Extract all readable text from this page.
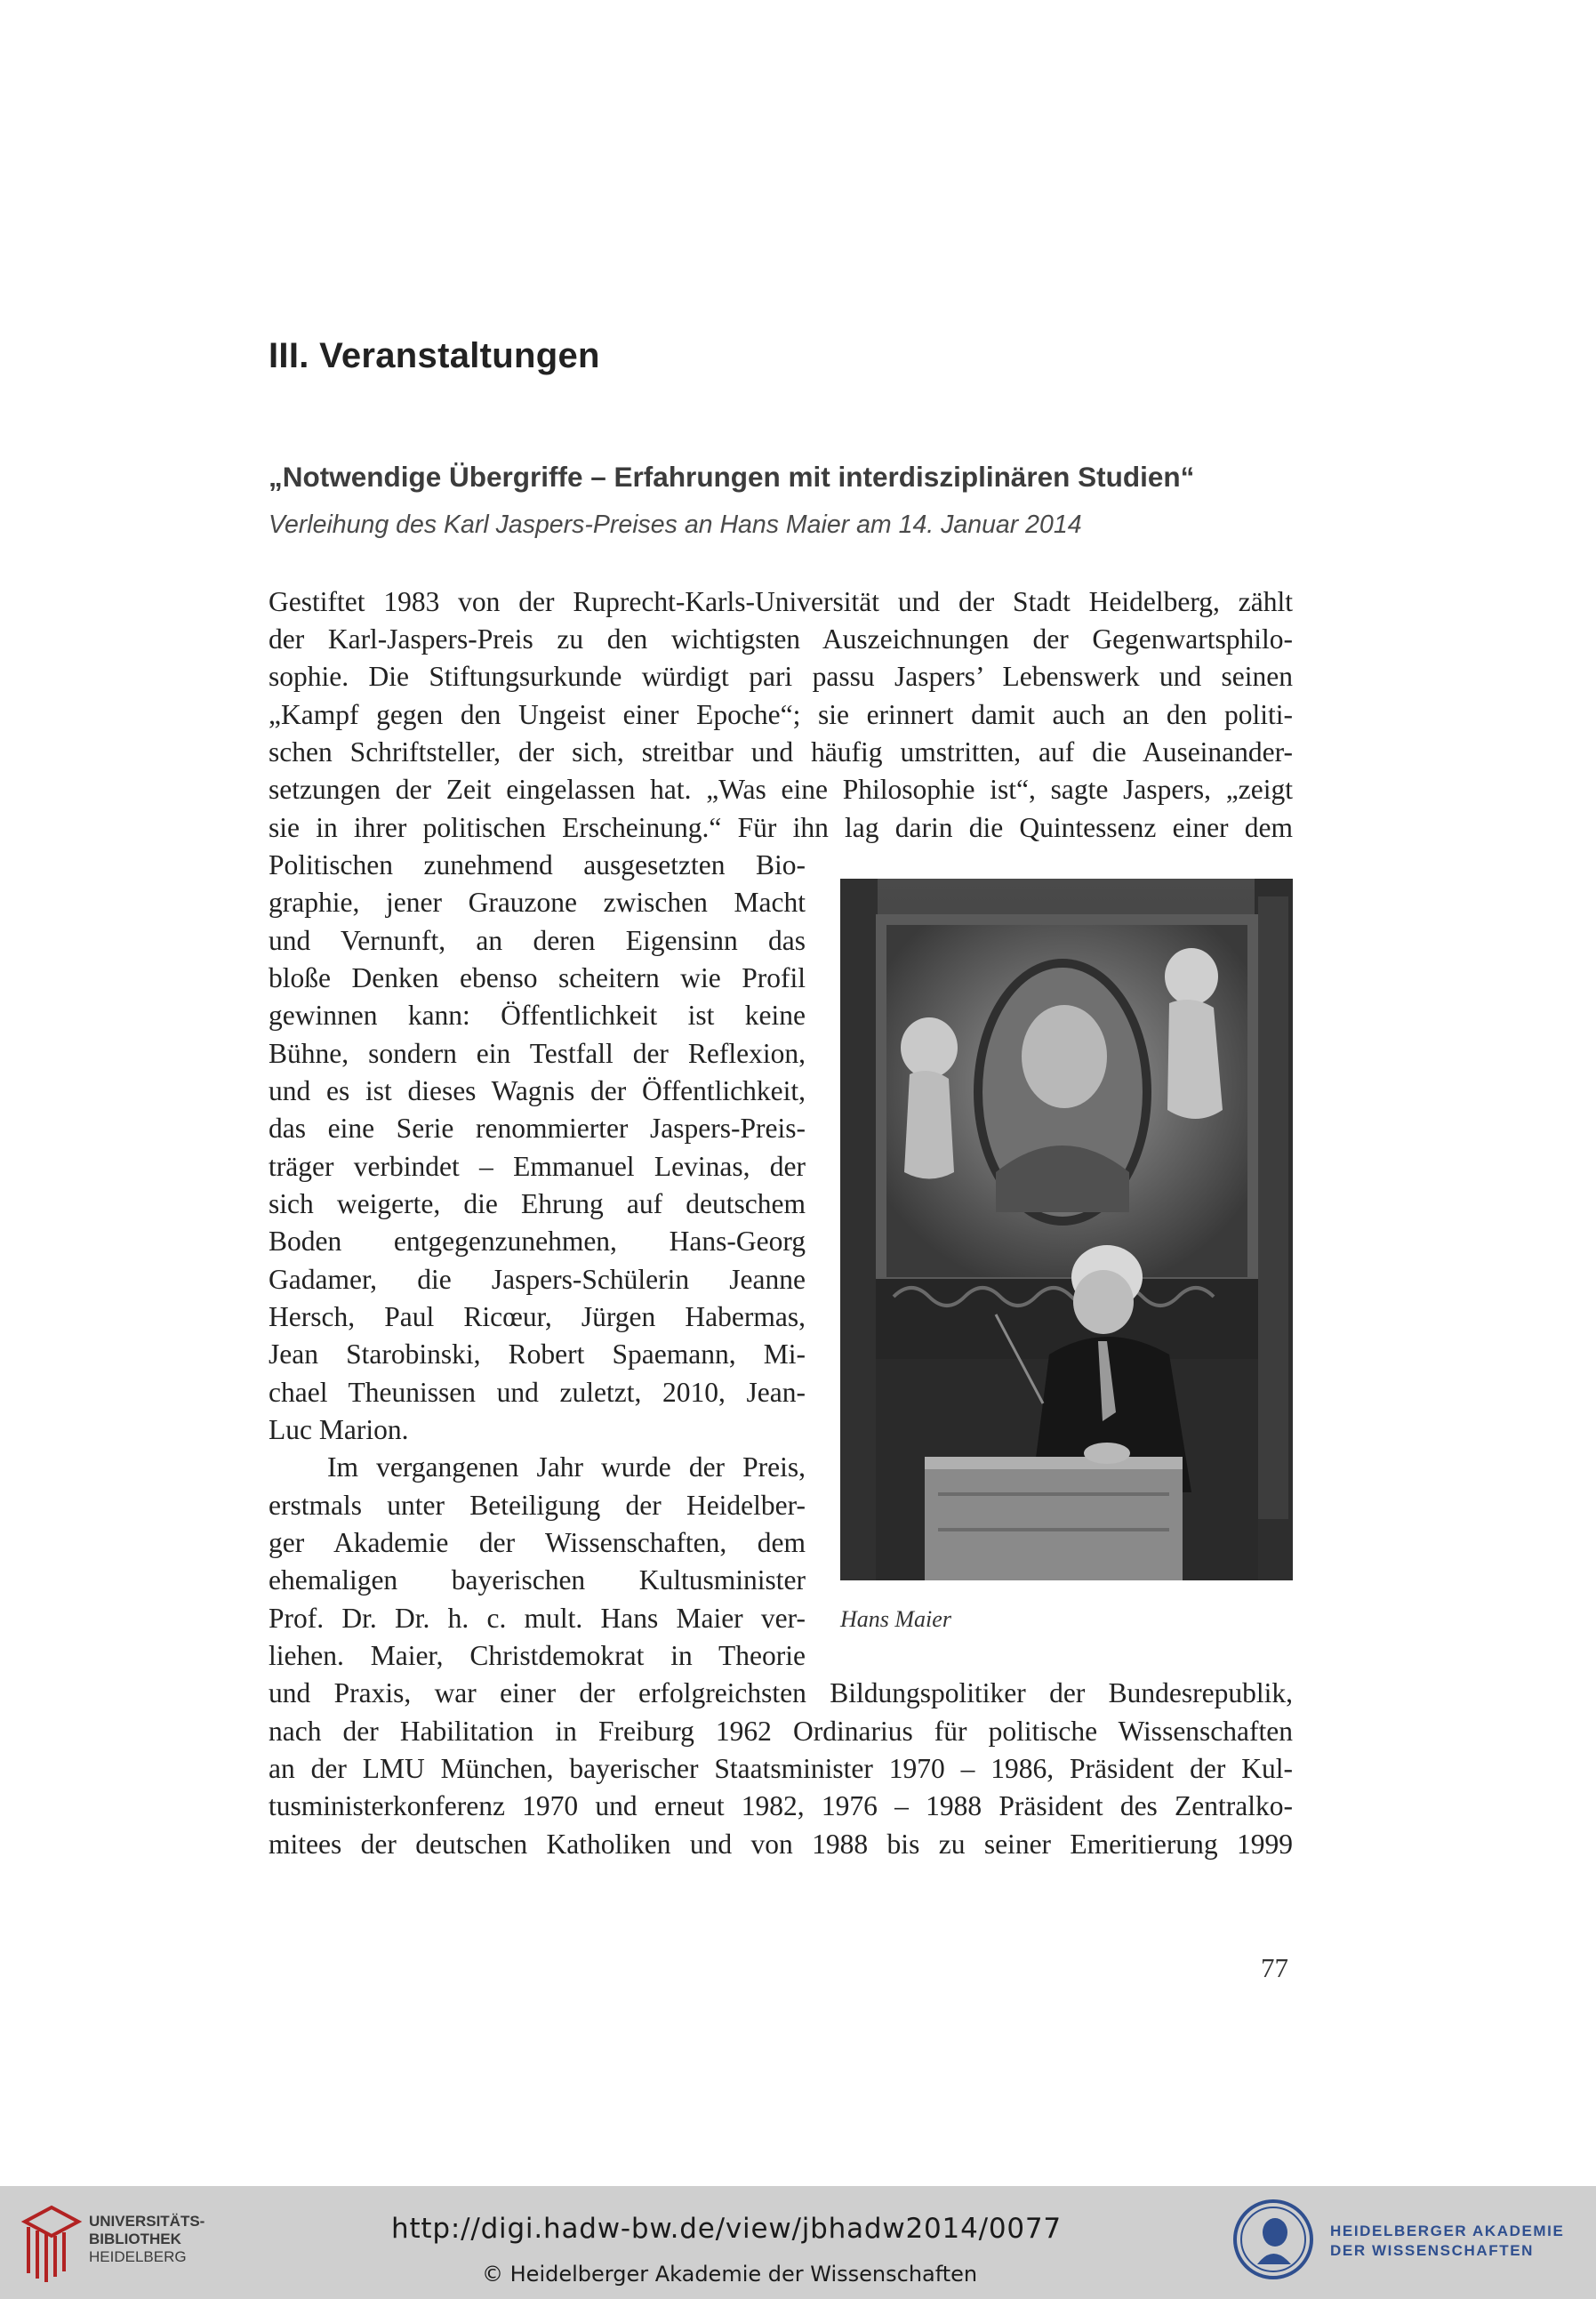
III. Veranstaltungen
„Notwendige Übergriffe – Erfahrungen mit interdisziplinären Studien“

Verleihung des Karl Jaspers-Preises an Hans Maier am 14. Januar 2014

Gestiftet 1983 von der Ruprecht-Karls-Universität und der Stadt Heidelberg, zählt
der Karl-Jaspers-Preis zu den wichtigsten Auszeichnungen der Gegenwartsphilo-
sophie. Die Stiftungsurkunde würdigt pari passu Jaspers’ Lebenswerk und seinen
„Kampf gegen den Ungeist einer Epoche“; sie erinnert damit auch an den politi-
schen Schriftsteller, der sich, streitbar und häufig umstritten, auf die Auseinander-
setzungen der Zeit eingelassen hat. „Was eine Philosophie ist“, sagte Jaspers, „zeigt
sie in ihrer politischen Erscheinung.“ Für ihn lag darin die Quintessenz einer dem
Politischen zunehmend ausgesetzten Bio-
graphie, jener Grauzone zwischen Macht
und Vernunft, an deren Eigensinn das
bloße Denken ebenso scheitern wie Profil
gewinnen kann: Öffentlichkeit ist keine
Bühne, sondern ein Testfall der Reflexion,
und es ist dieses Wagnis der Öffentlichkeit,
das eine Serie renommierter Jaspers-Preis-
träger verbindet – Emmanuel Levinas, der
sich weigerte, die Ehrung auf deutschem
Boden entgegenzunehmen, Hans-Georg
Gadamer, die Jaspers-Schülerin Jeanne
Hersch, Paul Ricœur, Jürgen Habermas,
Jean Starobinski, Robert Spaemann, Mi-
chael Theunissen und zuletzt, 2010, Jean-
Luc Marion.
Im vergangenen Jahr wurde der Preis,
erstmals unter Beteiligung der Heidelber-
ger Akademie der Wissenschaften, dem
ehemaligen bayerischen Kultusminister
Prof. Dr. Dr. h. c. mult. Hans Maier ver-
liehen. Maier, Christdemokrat in Theorie
und Praxis, war einer der erfolgreichsten Bildungspolitiker der Bundesrepublik,
nach der Habilitation in Freiburg 1962 Ordinarius für politische Wissenschaften
an der LMU München, bayerischer Staatsminister 1970 – 1986, Präsident der Kul-
tusministerkonferenz 1970 und erneut 1982, 1976 – 1988 Präsident des Zentralko-
mitees der deutschen Katholiken und von 1988 bis zu seiner Emeritierung 1999

Hans Maier

77

UNIVERSITÄTS-
BIBLIOTHEK
HEIDELBERG

http://digi.hadw-bw.de/view/jbhadw2014/0077

© Heidelberger Akademie der Wissenschaften

HEIDELBERGER AKADEMIE
DER WISSENSCHAFTEN
